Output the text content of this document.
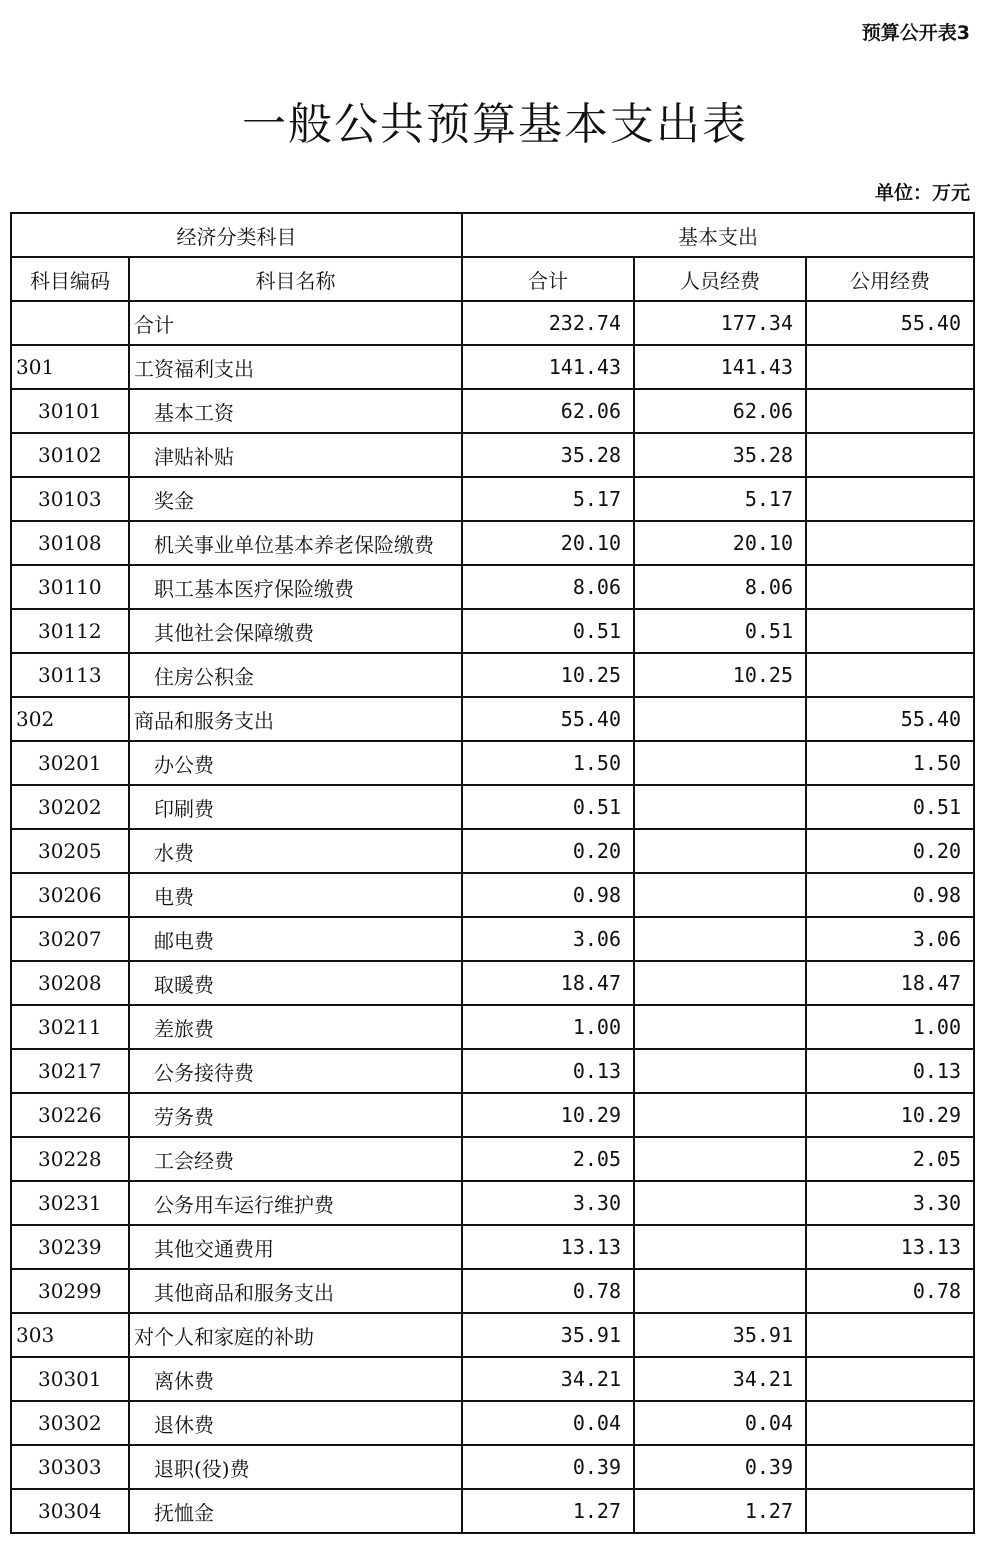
预算公开表3
一般公共预算基本支出表
单位：万元
经济分类科目		基本支出		
科目编码	科目名称	合计	人员经费	公用经费
	合计	232.74	177.34	55.40
301	工资福利支出	141.43	141.43	
30101	基本工资	62.06	62.06	
30102	津贴补贴	35.28	35.28	
30103	奖金	5.17	5.17	
30108	机关事业单位基本养老保险缴费	20.10	20.10	
30110	职工基本医疗保险缴费	8.06	8.06	
30112	其他社会保障缴费	0.51	0.51	
30113	住房公积金	10.25	10.25	
302	商品和服务支出	55.40		55.40
30201	办公费	1.50		1.50
30202	印刷费	0.51		0.51
30205	水费	0.20		0.20
30206	电费	0.98		0.98
30207	邮电费	3.06		3.06
30208	取暖费	18.47		18.47
30211	差旅费	1.00		1.00
30217	公务接待费	0.13		0.13
30226	劳务费	10.29		10.29
30228	工会经费	2.05		2.05
30231	公务用车运行维护费	3.30		3.30
30239	其他交通费用	13.13		13.13
30299	其他商品和服务支出	0.78		0.78
303	对个人和家庭的补助	35.91	35.91	
30301	离休费	34.21	34.21	
30302	退休费	0.04	0.04	
30303	退职(役)费	0.39	0.39	
30304	抚恤金	1.27	1.27	
